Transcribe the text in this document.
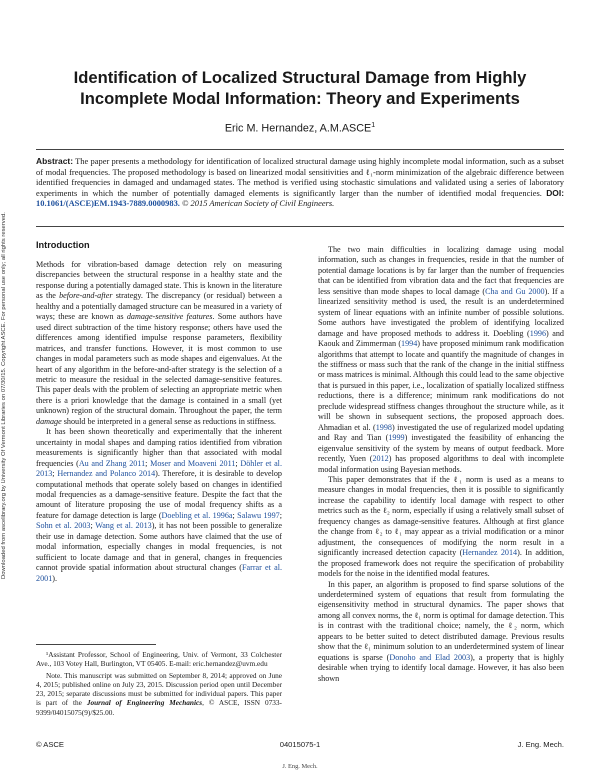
Downloaded from ascelibrary.org by University Of Vermont Libraries on 07/30/15. Copyright ASCE. For personal use only; all rights reserved.
Identification of Localized Structural Damage from Highly Incomplete Modal Information: Theory and Experiments
Eric M. Hernandez, A.M.ASCE$^1$
Abstract: The paper presents a methodology for identification of localized structural damage using highly incomplete modal information, such as a subset of modal frequencies. The proposed methodology is based on linearized modal sensitivities and ℓ₁-norm minimization of the algebraic difference between identified frequencies in damaged and undamaged states. The method is verified using stochastic simulations and validated using a series of laboratory experiments in which the number of potentially damaged elements is significantly larger than the number of identified modal frequencies. DOI: 10.1061/(ASCE)EM.1943-7889.0000983. © 2015 American Society of Civil Engineers.
Introduction

Methods for vibration-based damage detection rely on measuring discrepancies between the structural response in a healthy state and the response during a potentially damaged state. This is known in the literature as the before-and-after strategy. The discrepancy (or residual) between a healthy and a potentially damaged structure can be measured in a variety of ways; these are known as damage-sensitive features. Some authors have used direct subtraction of the time history response; others have used the differences among identified impulse response parameters, flexibility matrices, and transfer functions. However, it is most common to use changes in modal parameters such as mode shapes and eigenvalues. At the heart of any algorithm in the before-and-after strategy is the selection of a metric to measure the residual in the selected damage-sensitive features. This paper deals with the problem of selecting an appropriate metric when there is a priori knowledge that the damage is contained in a small (yet unknown) region of the structural domain. Throughout the paper, the term damage should be interpreted in a general sense as reductions in stiffness.

It has been shown theoretically and experimentally that the inherent uncertainty in modal shapes and damping ratios identified from vibration measurements is significantly higher than that associated with modal frequencies (Au and Zhang 2011; Moser and Moaveni 2011; Döhler et al. 2013; Hernandez and Polanco 2014). Therefore, it is desirable to develop computational methods that operate solely based on changes in identified modal frequencies as a damage-sensitive feature. Despite the fact that the amount of literature proposing the use of modal frequency shifts as a feature for damage detection is large (Doebling et al. 1996a; Salawu 1997; Sohn et al. 2003; Wang et al. 2013), it has not been possible to generalize their use in damage detection. Some authors have claimed that the use of modal information, especially changes in modal frequencies, is not sufficient to locate damage and that in general, changes in frequencies cannot provide spatial information about structural changes (Farrar et al. 2001).

¹Assistant Professor, School of Engineering, Univ. of Vermont, 33 Colchester Ave., 103 Votey Hall, Burlington, VT 05405. E-mail: eric.hernandez@uvm.edu

Note. This manuscript was submitted on September 8, 2014; approved on June 4, 2015; published online on July 23, 2015. Discussion period open until December 23, 2015; separate discussions must be submitted for individual papers. This paper is part of the Journal of Engineering Mechanics, © ASCE, ISSN 0733-9399/04015075(9)/$25.00.

The two main difficulties in localizing damage using modal information, such as changes in frequencies, reside in that the number of potential damage locations is by far larger than the number of frequencies that can be identified from vibration data and the fact that frequencies are less sensitive than mode shapes to local damage (Cha and Gu 2000). If a linearized sensitivity method is used, the result is an underdetermined system of linear equations with an infinite number of possible solutions. Some authors have investigated the problem of identifying localized damage and have proposed methods to address it. Doebling (1996) and Kaouk and Zimmerman (1994) have proposed minimum rank modification algorithms that attempt to locate and quantify the magnitude of changes in the stiffness or mass such that the rank of the change in the initial stiffness or mass matrices is minimal. Although this could lead to the same objective that is pursued in this paper, i.e., localization of spatially localized stiffness reductions, there is a difference; minimum rank modifications do not preclude widespread stiffness changes throughout the structure while, as it will be shown in subsequent sections, the proposed approach does. Ahmadian et al. (1998) investigated the use of regularized model updating and Ray and Tian (1999) investigated the feasibility of enhancing the eigenvalue sensitivity of the system by means of output feedback. More recently, Yuen (2012) has proposed algorithms to deal with incomplete modal information using Bayesian methods.

This paper demonstrates that if the ℓ₁ norm is used as a means to measure changes in modal frequencies, then it is possible to significantly increase the capability to identify local damage with respect to other metrics such as the ℓ₂ norm, especially if using a relatively small subset of frequency changes as damage-sensitive features. Although at first glance the change from ℓ₂ to ℓ₁ may appear as a trivial modification or a minor adjustment, the consequences of modifying the norm result in a significantly increased detection capacity (Hernandez 2014). In addition, the proposed framework does not require the specification of probability models for the noise in the identified modal features.

In this paper, an algorithm is proposed to find sparse solutions of the underdetermined system of equations that result from formulating the eigensensitivity method in structural dynamics. The paper shows that among all convex norms, the ℓ₁ norm is optimal for damage detection. This is in contrast with the traditional choice; namely, the ℓ₂ norm, which appears to be better suited to detect distributed damage. Previous results show that the ℓ₁ minimum solution to an underdetermined system of linear equations is sparse (Donoho and Elad 2003), a property that is highly desirable when trying to identify local damage. However, it has also been shown

© ASCE	04015075-1	J. Eng. Mech.
J. Eng. Mech.
